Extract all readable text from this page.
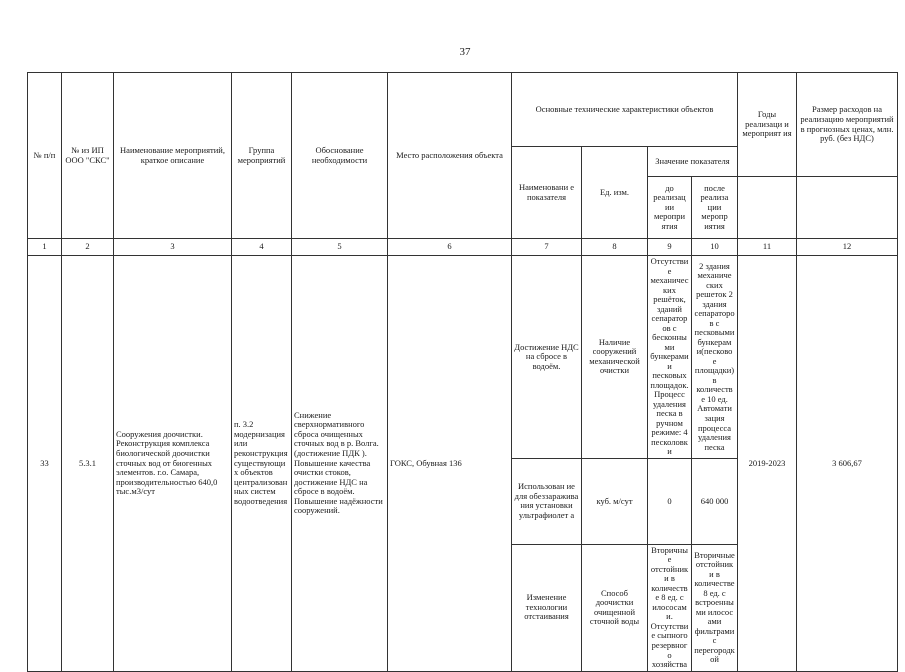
37
№ п/п	№ из ИП ООО "СКС"	Наименование мероприятий, краткое описание	Группа мероприятий	Обоснование необходимости	Место расположения объекта	Основные технические характеристики объектов				Годы реализаци и мероприят ия	Размер расходов на реализацию мероприятий в прогнозных ценах, млн. руб. (без НДС)
						Наименовани е показателя	Ед. изм.	Значение показателя			
								до реализац ии меропри ятия	после реализа ции меропр иятия		
1	2	3	4	5	6	7	8	9	10	11	12
33	5.3.1	Сооружения доочистки. Реконструкция комплекса биологической доочистки сточных вод от биогенных элементов. г.о. Самара, производительностью 640,0 тыс.м3/сут	п. 3.2 модернизация или реконструкция существующи х объектов централизован ных систем водоотведения	Снижение сверхнормативного сброса очищенных сточных вод в р. Волга. (достижение ПДК ). Повышение качества очистки стоков, достижение НДС на сбросе в водоём. Повышение надёжности сооружений.	ГОКС, Обувная 136	Достижение НДС на сбросе в водоём.	Наличие сооружений механической очистки	Отсутствие механичес ких решёток, зданий сепараторов с бесконными бункерами и песковых площадок. Процесс удаления песка в ручном режиме: 4 песколовки	2 здания механиче ских решеток 2 здания сепараторо в с песковыми бункерам и(песково е площадки) в количеств е 10 ед. Автомати зация процесса удаления песка	2019-2023	3 606,67
						Использован ие для обеззаражива ния установки ультрафиолет а	куб. м/сут	0	640 000		
						Изменение технологии отстаивания	Способ доочистки очищенной сточной воды	Вторичные отстойники в количестве 8 ед. с илососами. Отсутствие сыпного резервного хозяйства	Вторичные отстойники в количестве 8 ед. с встроенными илосос ами фильтрами с перегородк ой		
